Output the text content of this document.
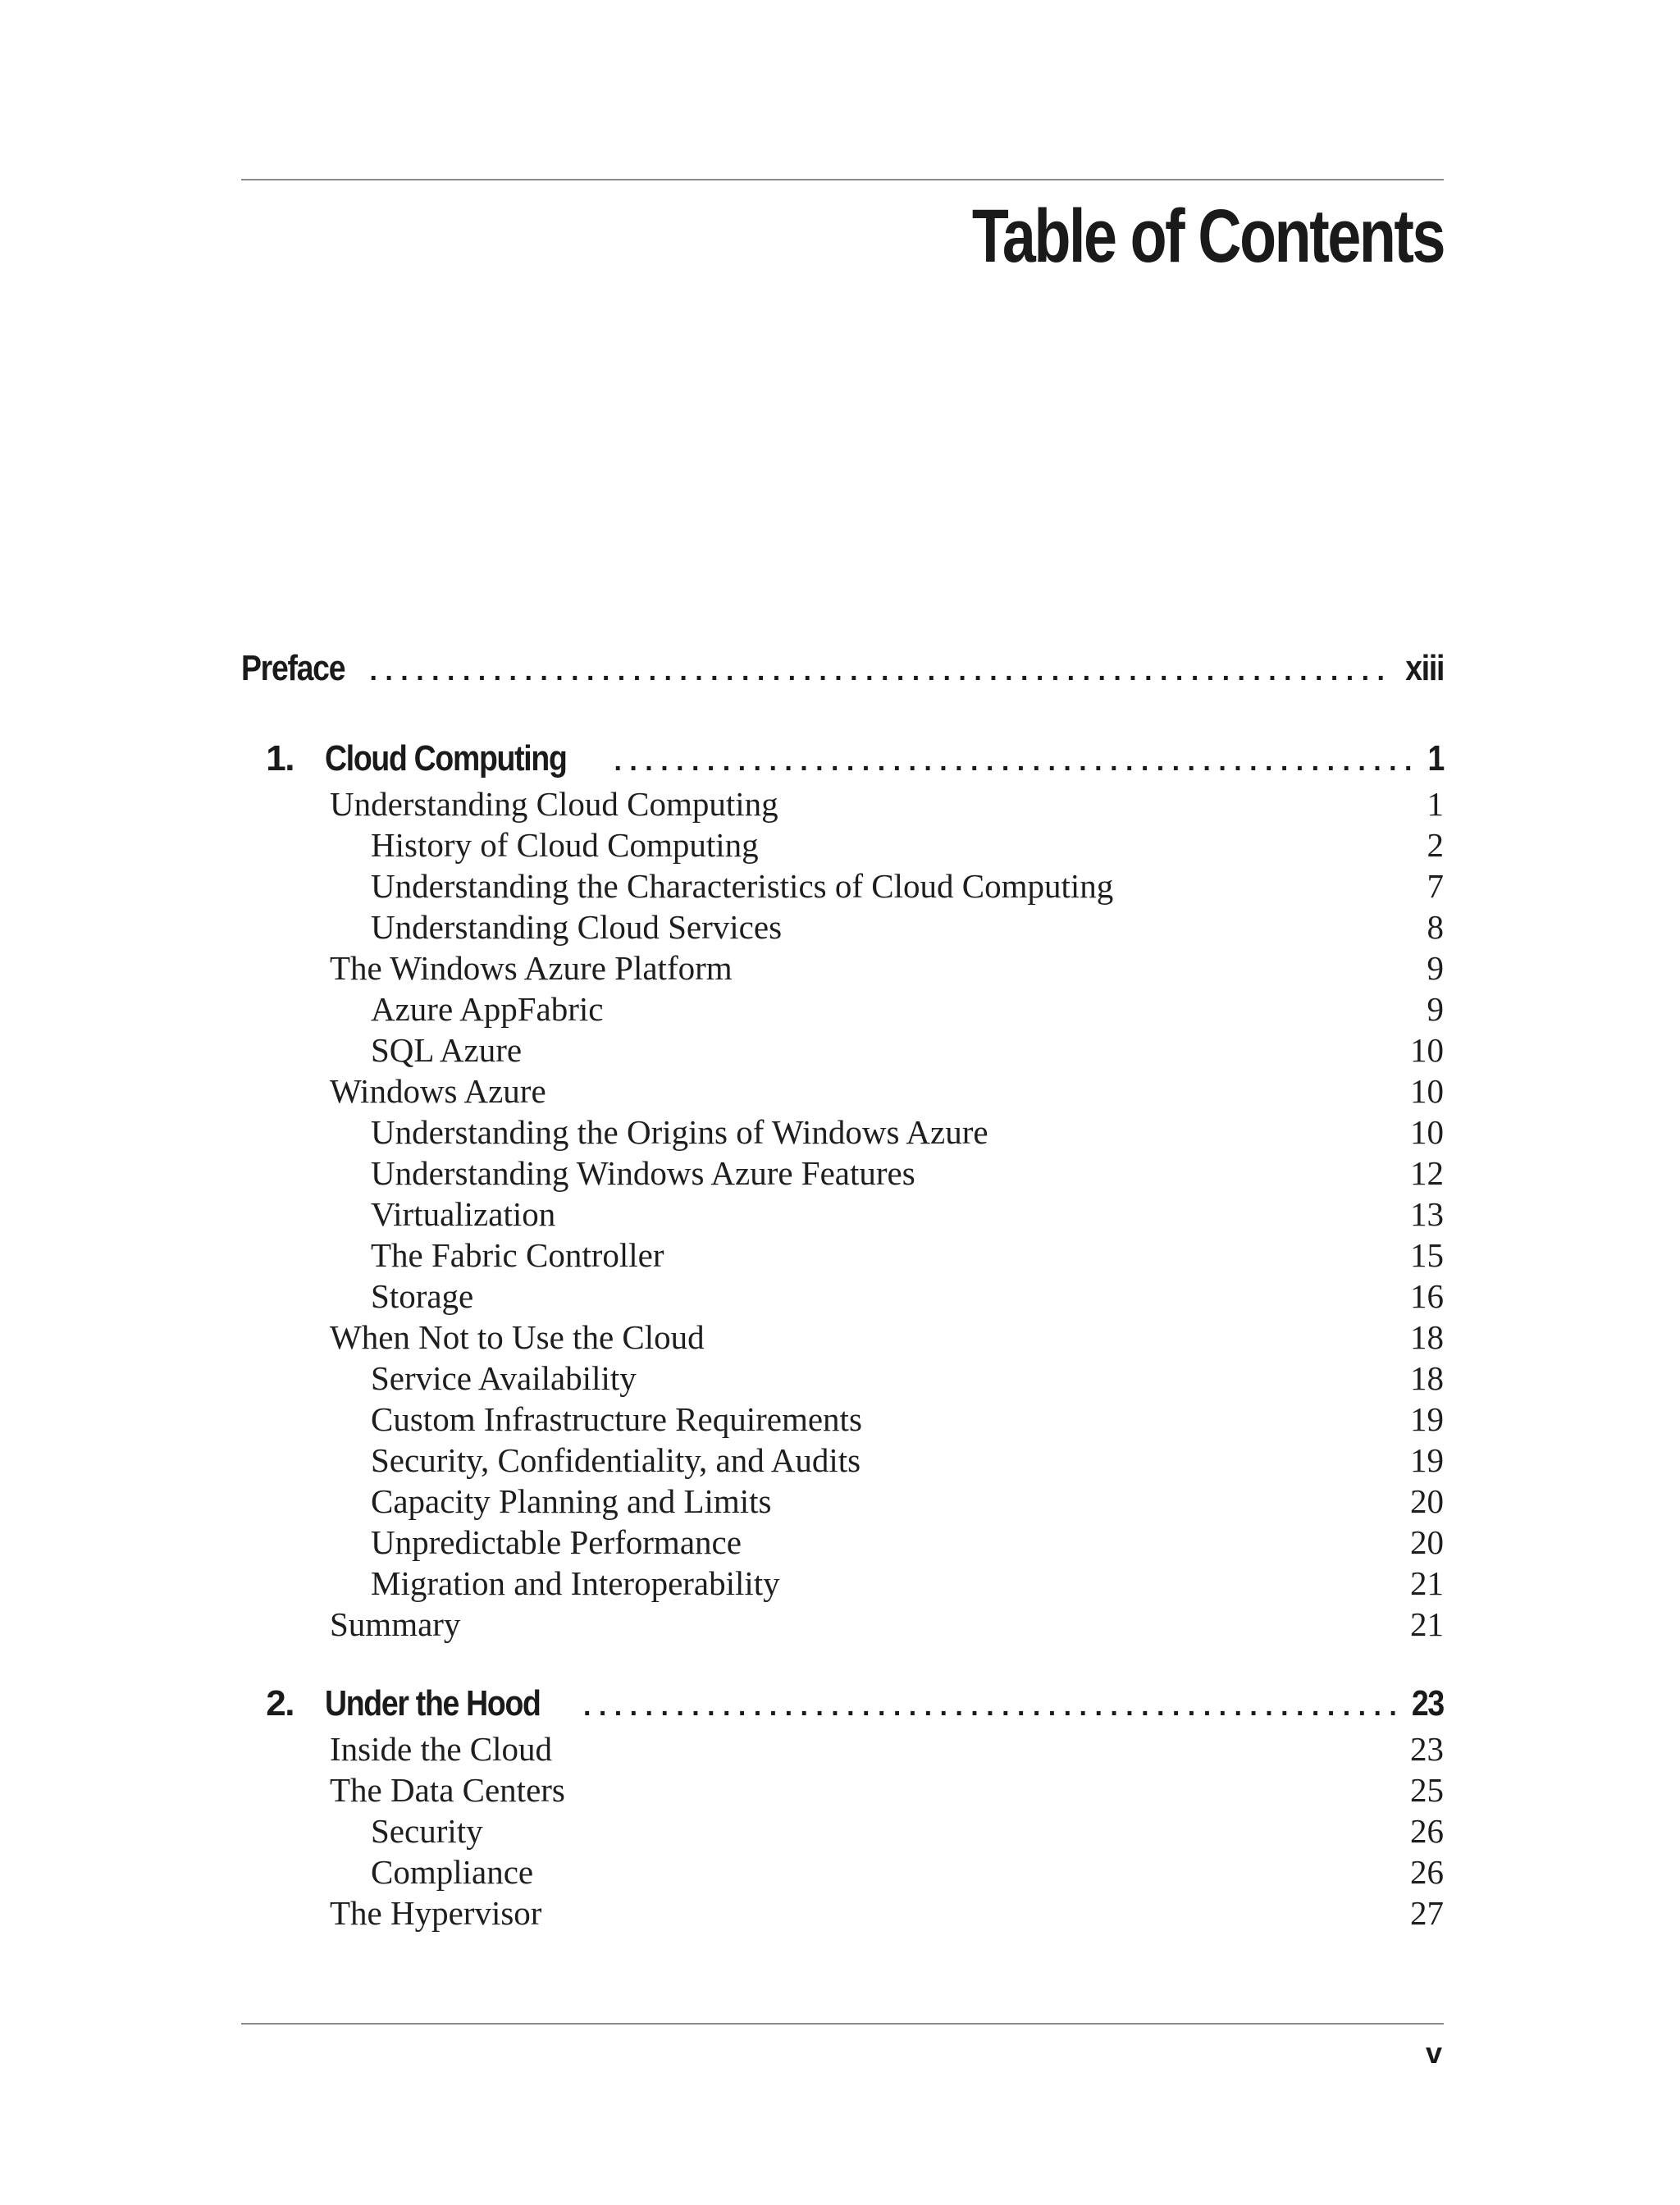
Table of Contents
Preface . . .	xiii
1. Cloud Computing . . .	1
Understanding Cloud Computing	1
History of Cloud Computing	2
Understanding the Characteristics of Cloud Computing	7
Understanding Cloud Services	8
The Windows Azure Platform	9
Azure AppFabric	9
SQL Azure	10
Windows Azure	10
Understanding the Origins of Windows Azure	10
Understanding Windows Azure Features	12
Virtualization	13
The Fabric Controller	15
Storage	16
When Not to Use the Cloud	18
Service Availability	18
Custom Infrastructure Requirements	19
Security, Confidentiality, and Audits	19
Capacity Planning and Limits	20
Unpredictable Performance	20
Migration and Interoperability	21
Summary	21
2. Under the Hood . . .	23
Inside the Cloud	23
The Data Centers	25
Security	26
Compliance	26
The Hypervisor	27
v
